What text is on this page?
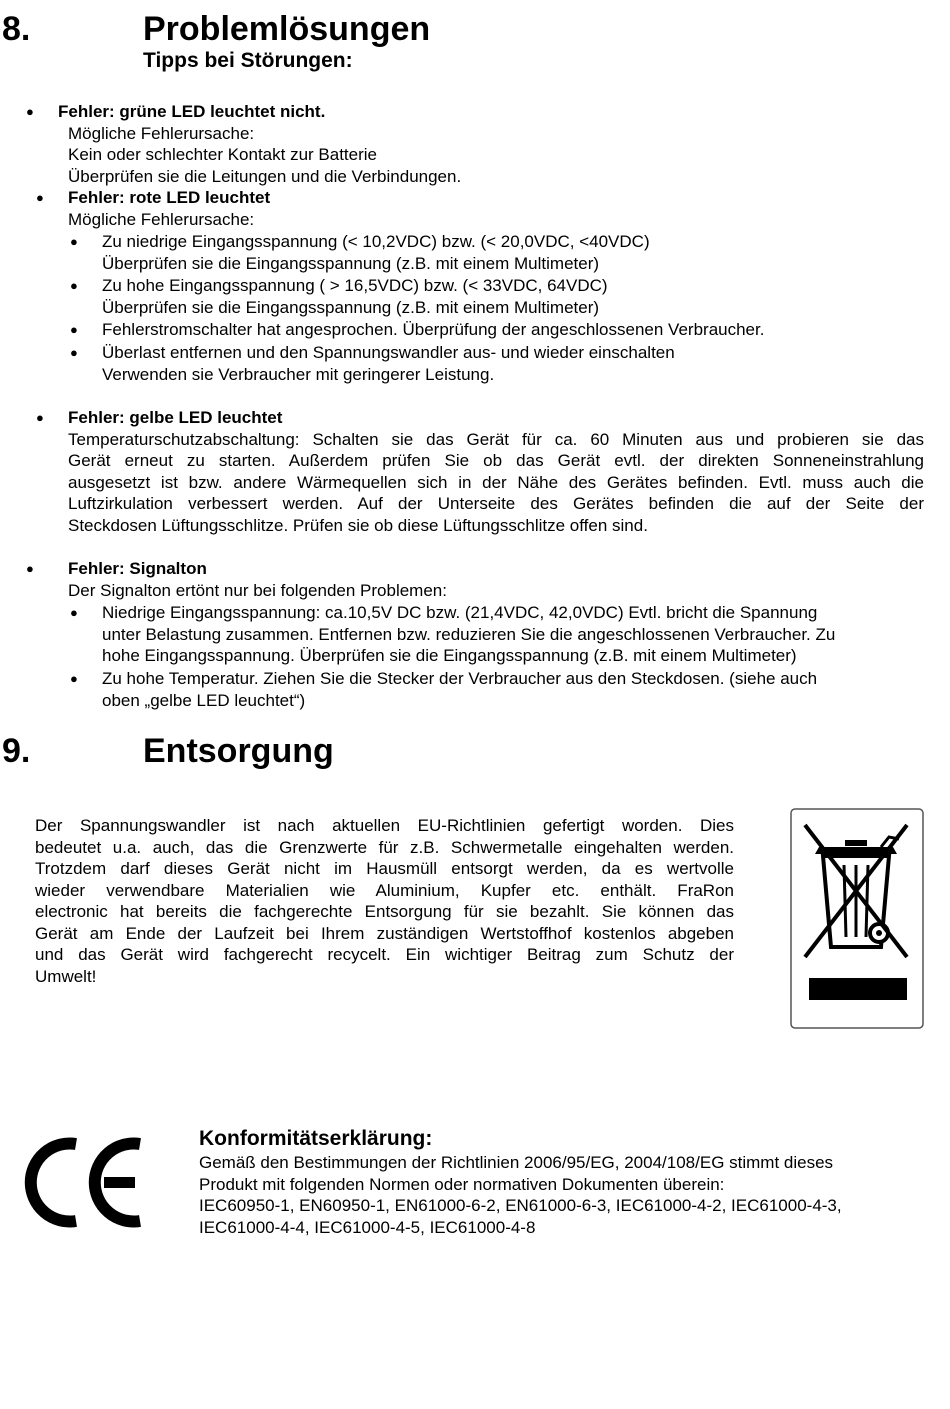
8.	Problemlösungen
Tipps bei Störungen:
● Fehler: grüne LED leuchtet nicht.
Mögliche Fehlerursache:
Kein oder schlechter Kontakt zur Batterie
Überprüfen sie die Leitungen und die Verbindungen.
● Fehler: rote LED leuchtet
Mögliche Fehlerursache:
● Zu niedrige Eingangsspannung (< 10,2VDC) bzw. (< 20,0VDC, <40VDC)
Überprüfen sie die Eingangsspannung (z.B. mit einem Multimeter)
● Zu hohe Eingangsspannung ( > 16,5VDC) bzw. (< 33VDC, 64VDC)
Überprüfen sie die Eingangsspannung (z.B. mit einem Multimeter)
● Fehlerstromschalter hat angesprochen. Überprüfung der angeschlossenen Verbraucher.
● Überlast entfernen und den Spannungswandler aus- und wieder einschalten
Verwenden sie Verbraucher mit geringerer Leistung.
● Fehler: gelbe LED leuchtet
Temperaturschutzabschaltung: Schalten sie das Gerät für ca. 60 Minuten aus und probieren sie das
Gerät erneut zu starten. Außerdem prüfen Sie ob das Gerät evtl. der direkten Sonneneinstrahlung
ausgesetzt ist bzw. andere Wärmequellen sich in der Nähe des Gerätes befinden. Evtl. muss auch die
Luftzirkulation verbessert werden. Auf der Unterseite des Gerätes befinden die auf der Seite der
Steckdosen Lüftungsschlitze. Prüfen sie ob diese Lüftungsschlitze offen sind.
● Fehler: Signalton
Der Signalton ertönt nur bei folgenden Problemen:
● Niedrige Eingangsspannung: ca.10,5V DC bzw. (21,4VDC, 42,0VDC) Evtl. bricht die Spannung
unter Belastung zusammen. Entfernen bzw. reduzieren Sie die angeschlossenen Verbraucher. Zu
hohe Eingangsspannung. Überprüfen sie die Eingangsspannung (z.B. mit einem Multimeter)
● Zu hohe Temperatur. Ziehen Sie die Stecker der Verbraucher aus den Steckdosen. (siehe auch
oben „gelbe LED leuchtet“)
9.	Entsorgung
Der Spannungswandler ist nach aktuellen EU-Richtlinien gefertigt worden. Dies
bedeutet u.a. auch, das die Grenzwerte für z.B. Schwermetalle eingehalten werden.
Trotzdem darf dieses Gerät nicht im Hausmüll entsorgt werden, da es wertvolle
wieder verwendbare Materialien wie Aluminium, Kupfer etc. enthält. FraRon
electronic hat bereits die fachgerechte Entsorgung für sie bezahlt. Sie können das
Gerät am Ende der Laufzeit bei Ihrem zuständigen Wertstoffhof kostenlos abgeben
und das Gerät wird fachgerecht recycelt. Ein wichtiger Beitrag zum Schutz der
Umwelt!
Konformitätserklärung:
Gemäß den Bestimmungen der Richtlinien 2006/95/EG, 2004/108/EG stimmt dieses
Produkt mit folgenden Normen oder normativen Dokumenten überein:
IEC60950-1, EN60950-1, EN61000-6-2, EN61000-6-3, IEC61000-4-2, IEC61000-4-3,
IEC61000-4-4, IEC61000-4-5, IEC61000-4-8
